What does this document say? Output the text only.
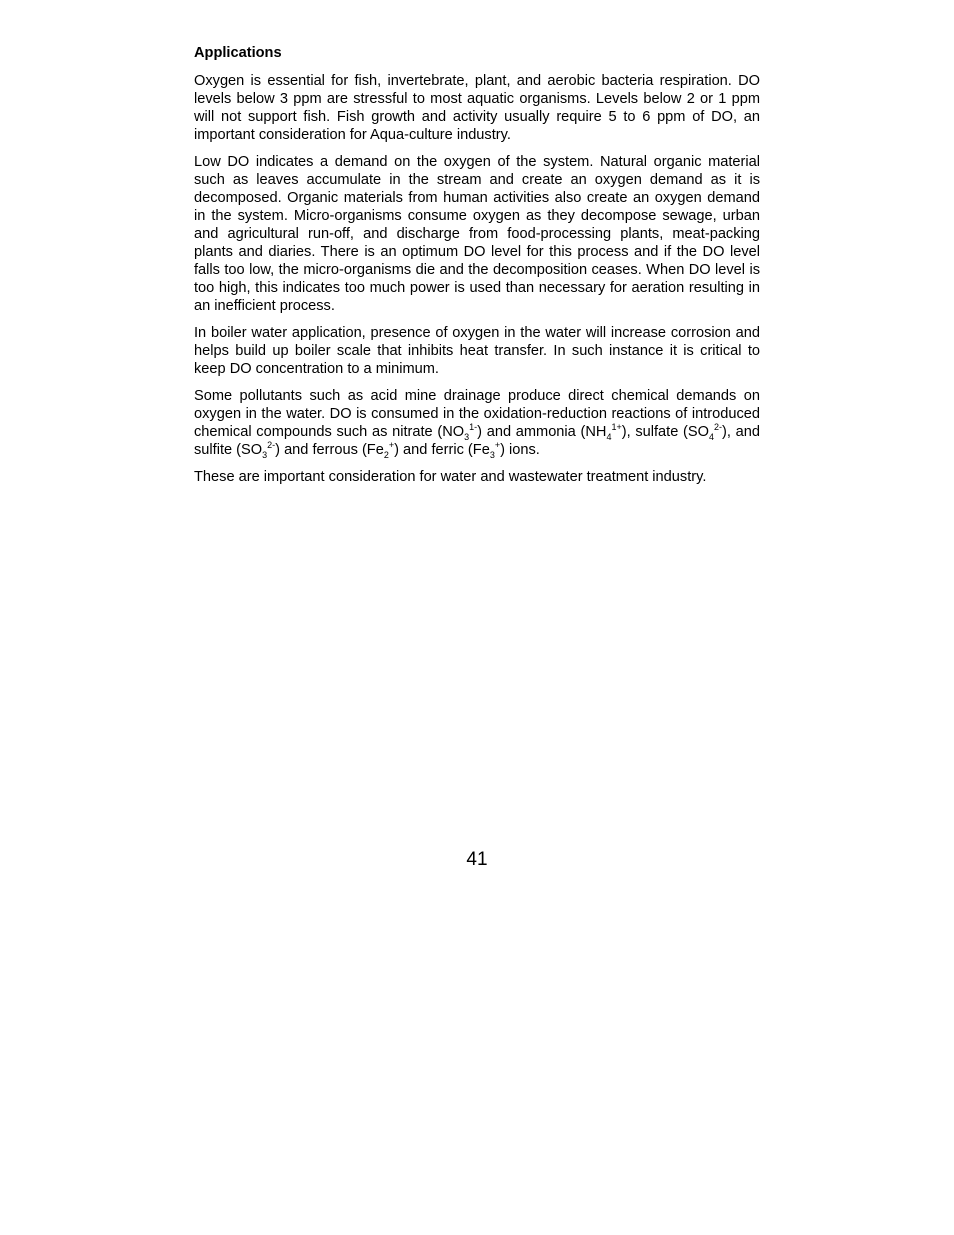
Applications

Oxygen is essential for fish, invertebrate, plant, and aerobic bacteria respiration. DO levels below 3 ppm are stressful to most aquatic organisms. Levels below 2 or 1 ppm will not support fish. Fish growth and activity usually require 5 to 6 ppm of DO, an important consideration for Aqua-culture industry.

Low DO indicates a demand on the oxygen of the system. Natural organic material such as leaves accumulate in the stream and create an oxygen demand as it is decomposed. Organic materials from human activities also create an oxygen demand in the system. Micro-organisms consume oxygen as they decompose sewage, urban and agricultural run-off, and discharge from food-processing plants, meat-packing plants and diaries. There is an optimum DO level for this process and if the DO level falls too low, the micro-organisms die and the decomposition ceases. When DO level is too high, this indicates too much power is used than necessary for aeration resulting in an inefficient process.

In boiler water application, presence of oxygen in the water will increase corrosion and helps build up boiler scale that inhibits heat transfer. In such instance it is critical to keep DO concentration to a minimum.

Some pollutants such as acid mine drainage produce direct chemical demands on oxygen in the water. DO is consumed in the oxidation-reduction reactions of introduced chemical compounds such as nitrate $(NO_3^{1-})$ and ammonia $(NH_4^{1+})$, sulfate $(SO_4^{2-})$, and sulfite $(SO_3^{2-})$ and ferrous $(Fe_2^+)$ and ferric $(Fe_3^+)$ ions.

These are important consideration for water and wastewater treatment industry.

41
